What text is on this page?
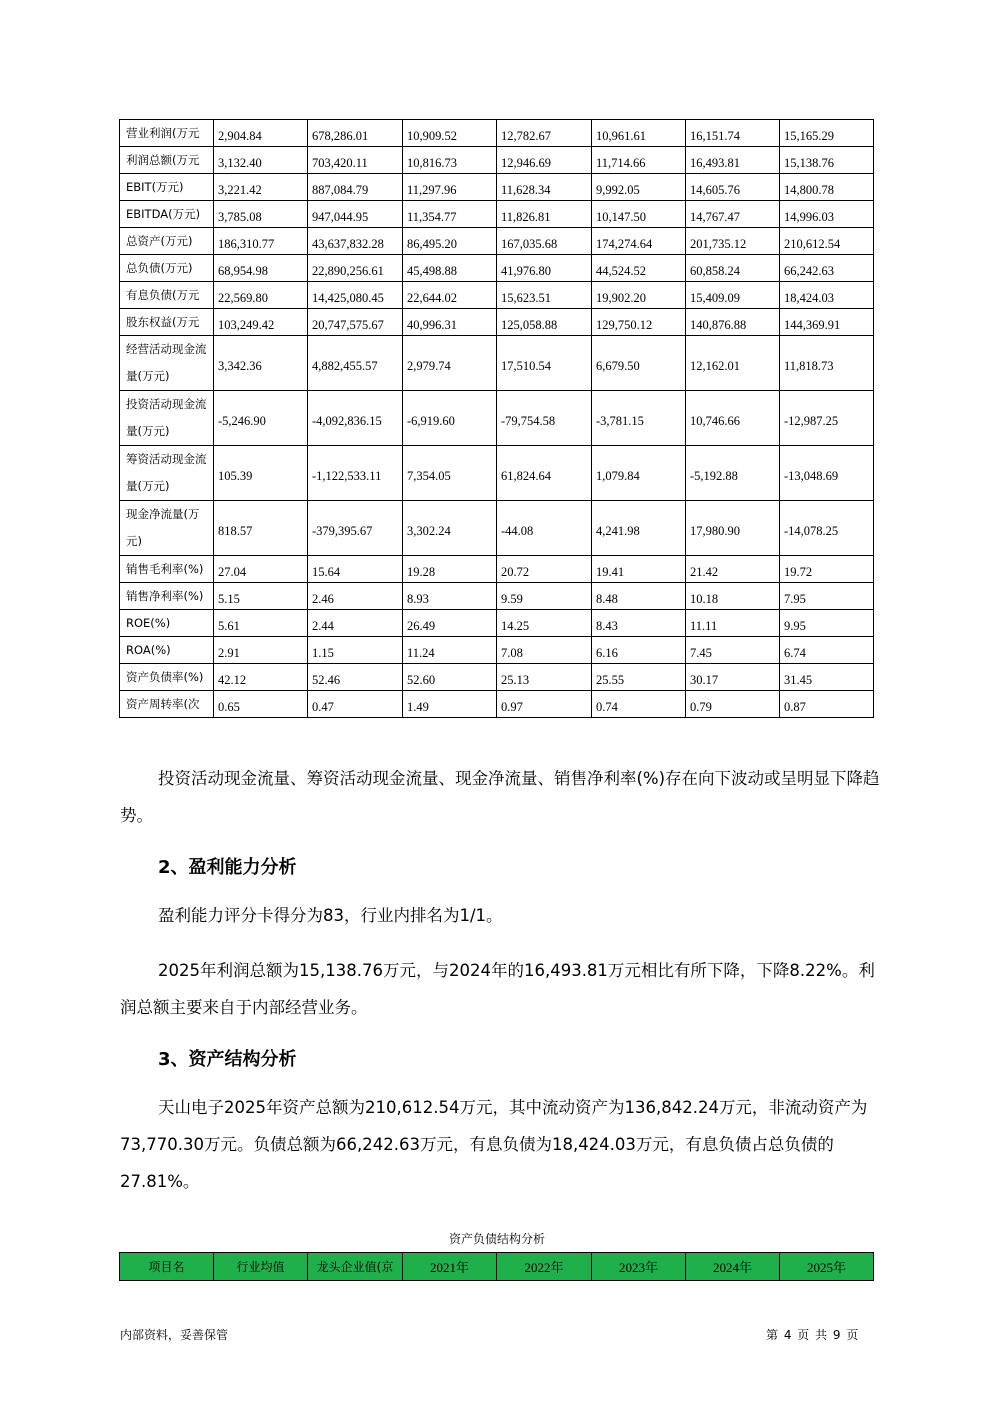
营业利润(万元	2,904.84	678,286.01	10,909.52	12,782.67	10,961.61	16,151.74	15,165.29
利润总额(万元	3,132.40	703,420.11	10,816.73	12,946.69	11,714.66	16,493.81	15,138.76
EBIT(万元)	3,221.42	887,084.79	11,297.96	11,628.34	9,992.05	14,605.76	14,800.78
EBITDA(万元)	3,785.08	947,044.95	11,354.77	11,826.81	10,147.50	14,767.47	14,996.03
总资产(万元)	186,310.77	43,637,832.28	86,495.20	167,035.68	174,274.64	201,735.12	210,612.54
总负债(万元)	68,954.98	22,890,256.61	45,498.88	41,976.80	44,524.52	60,858.24	66,242.63
有息负债(万元	22,569.80	14,425,080.45	22,644.02	15,623.51	19,902.20	15,409.09	18,424.03
股东权益(万元	103,249.42	20,747,575.67	40,996.31	125,058.88	129,750.12	140,876.88	144,369.91
经营活动现金流量(万元)	3,342.36	4,882,455.57	2,979.74	17,510.54	6,679.50	12,162.01	11,818.73
投资活动现金流量(万元)	-5,246.90	-4,092,836.15	-6,919.60	-79,754.58	-3,781.15	10,746.66	-12,987.25
筹资活动现金流量(万元)	105.39	-1,122,533.11	7,354.05	61,824.64	1,079.84	-5,192.88	-13,048.69
现金净流量(万元)	818.57	-379,395.67	3,302.24	-44.08	4,241.98	17,980.90	-14,078.25
销售毛利率(%)	27.04	15.64	19.28	20.72	19.41	21.42	19.72
销售净利率(%)	5.15	2.46	8.93	9.59	8.48	10.18	7.95
ROE(%)	5.61	2.44	26.49	14.25	8.43	11.11	9.95
ROA(%)	2.91	1.15	11.24	7.08	6.16	7.45	6.74
资产负债率(%)	42.12	52.46	52.60	25.13	25.55	30.17	31.45
资产周转率(次	0.65	0.47	1.49	0.97	0.74	0.79	0.87

投资活动现金流量、筹资活动现金流量、现金净流量、销售净利率(%)存在向下波动或呈明显下降趋势。

2、盈利能力分析

盈利能力评分卡得分为83，行业内排名为1/1。

2025年利润总额为15,138.76万元，与2024年的16,493.81万元相比有所下降，下降8.22%。利润总额主要来自于内部经营业务。

3、资产结构分析

天山电子2025年资产总额为210,612.54万元，其中流动资产为136,842.24万元，非流动资产为73,770.30万元。负债总额为66,242.63万元，有息负债为18,424.03万元，有息负债占总负债的27.81%。

资产负债结构分析
项目名	行业均值	龙头企业值(京	2021年	2022年	2023年	2024年	2025年
内部资料，妥善保管	第 4 页 共 9 页
